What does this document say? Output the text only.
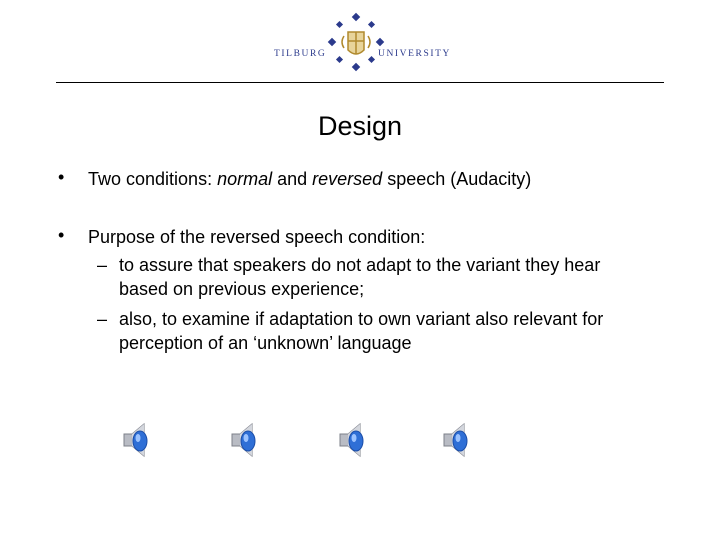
TILBURG	UNIVERSITY
Design
• Two conditions: normal and reversed speech (Audacity)
• Purpose of the reversed speech condition:
– to assure that speakers do not adapt to the variant they hear
based on previous experience;
– also, to examine if adaptation to own variant also relevant for
perception of an ‘unknown’ language
